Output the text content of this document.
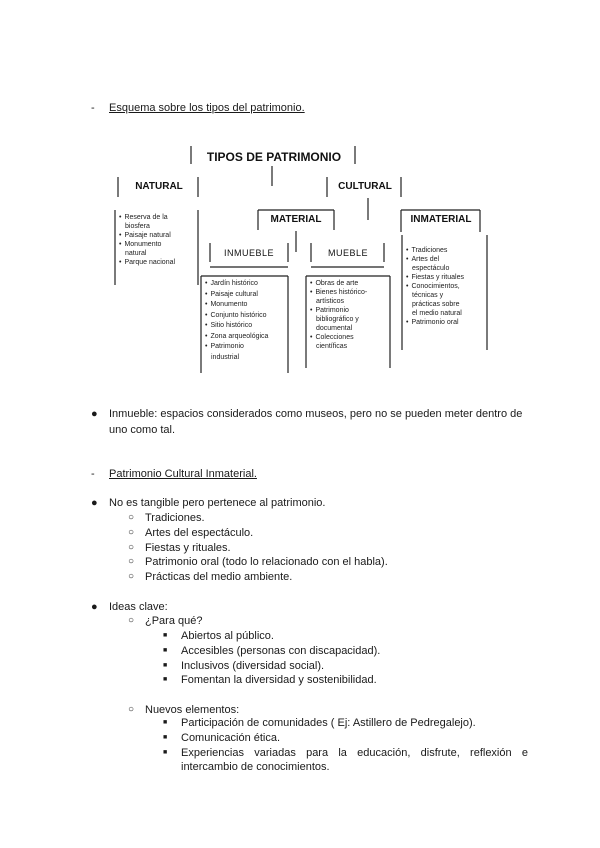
- Esquema sobre los tipos del patrimonio.
TIPOS DE PATRIMONIO
NATURAL	CULTURAL
MATERIAL	INMATERIAL
INMUEBLE	MUEBLE
• Reserva de la
biosfera
• Paisaje natural
• Monumento
natural
• Parque nacional
• Jardín histórico
• Paisaje cultural
• Monumento
• Conjunto histórico
• Sitio histórico
• Zona arqueológica
• Patrimonio
industrial
• Obras de arte
• Bienes histórico-
artísticos
• Patrimonio
bibliográfico y
documental
• Colecciones
científicas
• Tradiciones
• Artes del
espectáculo
• Fiestas y rituales
• Conocimientos,
técnicas y
prácticas sobre
el medio natural
• Patrimonio oral
● Inmueble: espacios considerados como museos, pero no se pueden meter dentro de
uno como tal.
- Patrimonio Cultural Inmaterial.
● No es tangible pero pertenece al patrimonio.
○ Tradiciones.
○ Artes del espectáculo.
○ Fiestas y rituales.
○ Patrimonio oral (todo lo relacionado con el habla).
○ Prácticas del medio ambiente.
● Ideas clave:
○ ¿Para qué?
■ Abiertos al público.
■ Accesibles (personas con discapacidad).
■ Inclusivos (diversidad social).
■ Fomentan la diversidad y sostenibilidad.
○ Nuevos elementos:
■ Participación de comunidades ( Ej: Astillero de Pedregalejo).
■ Comunicación ética.
■ Experiencias variadas para la educación, disfrute, reflexión e
intercambio de conocimientos.
